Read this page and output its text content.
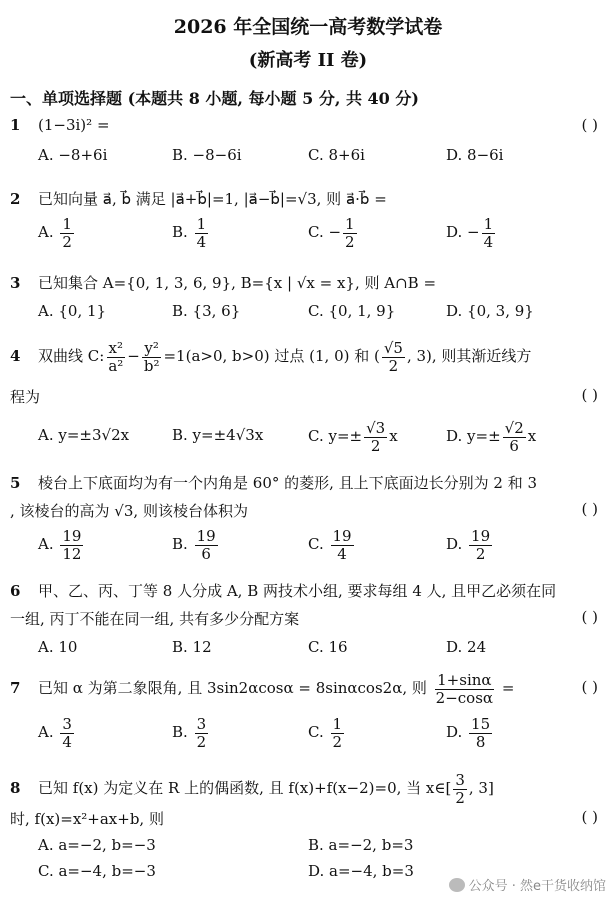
2026 年全国统一高考数学试卷
(新高考 II 卷)
一、单项选择题 (本题共 8 小题, 每小题 5 分, 共 40 分)
1 (1−3i)² =	( )
A. −8+6i	B. −8−6i	C. 8+6i	D. 8−6i
2 已知向量 a⃗, b⃗ 满足 |a⃗+b⃗|=1, |a⃗−b⃗|=√3, 则 a⃗·b⃗ =
A. $\frac{1}{2}$	B. $\frac{1}{4}$	C. − $\frac{1}{2}$	D. − $\frac{1}{4}$
3 已知集合 A={0, 1, 3, 6, 9}, B={x | √x = x}, 则 A∩B =
A. {0, 1}	B. {3, 6}	C. {0, 1, 9}	D. {0, 3, 9}
4 双曲线 C: $\frac{\text{x²}}{\text{a²}} - \frac{\text{y²}}{\text{b²}} =1(a>0$, b>0) 过点 (1, 0) 和 ( $\frac{√5}{2}$ , 3), 则其渐近线方
程为	( )
A. y=±3√2x	B. y=±4√3x	C. $y=\pm \frac{√3}{2}$ x	D. $y=\pm \frac{√2}{6}$ x
5 棱台上下底面均为有一个内角是 60° 的菱形, 且上下底面边长分别为 2 和 3
, 该棱台的高为 √3, 则该棱台体积为	( )
A. $\frac{19}{12}$	B. $\frac{19}{6}$	C. $\frac{19}{4}$	D. $\frac{19}{2}$
6 甲、乙、丙、丁等 8 人分成 A, B 两技术小组, 要求每组 4 人, 且甲乙必须在同
一组, 丙丁不能在同一组, 共有多少分配方案	( )
A. 10	B. 12	C. 16	D. 24
7 已知 α 为第二象限角, 且 3sin2αcosα = 8sinαcos2α, 则 $\frac{1+\sin\alpha}{2-\cos\alpha}$ =	( )
A. $\frac{3}{4}$	B. $\frac{3}{2}$	C. $\frac{1}{2}$	D. $\frac{15}{8}$
8 已知 f(x) 为定义在 R 上的偶函数, 且 f(x)+f(x−2)=0, 当 x∈[ $\frac{3}{2}$ , 3]
时, f(x)=x²+ax+b, 则	( )
A. a=−2, b=−3	B. a=−2, b=3
C. a=−4, b=−3	D. a=−4, b=3
公众号 · 然e干货收纳馆
